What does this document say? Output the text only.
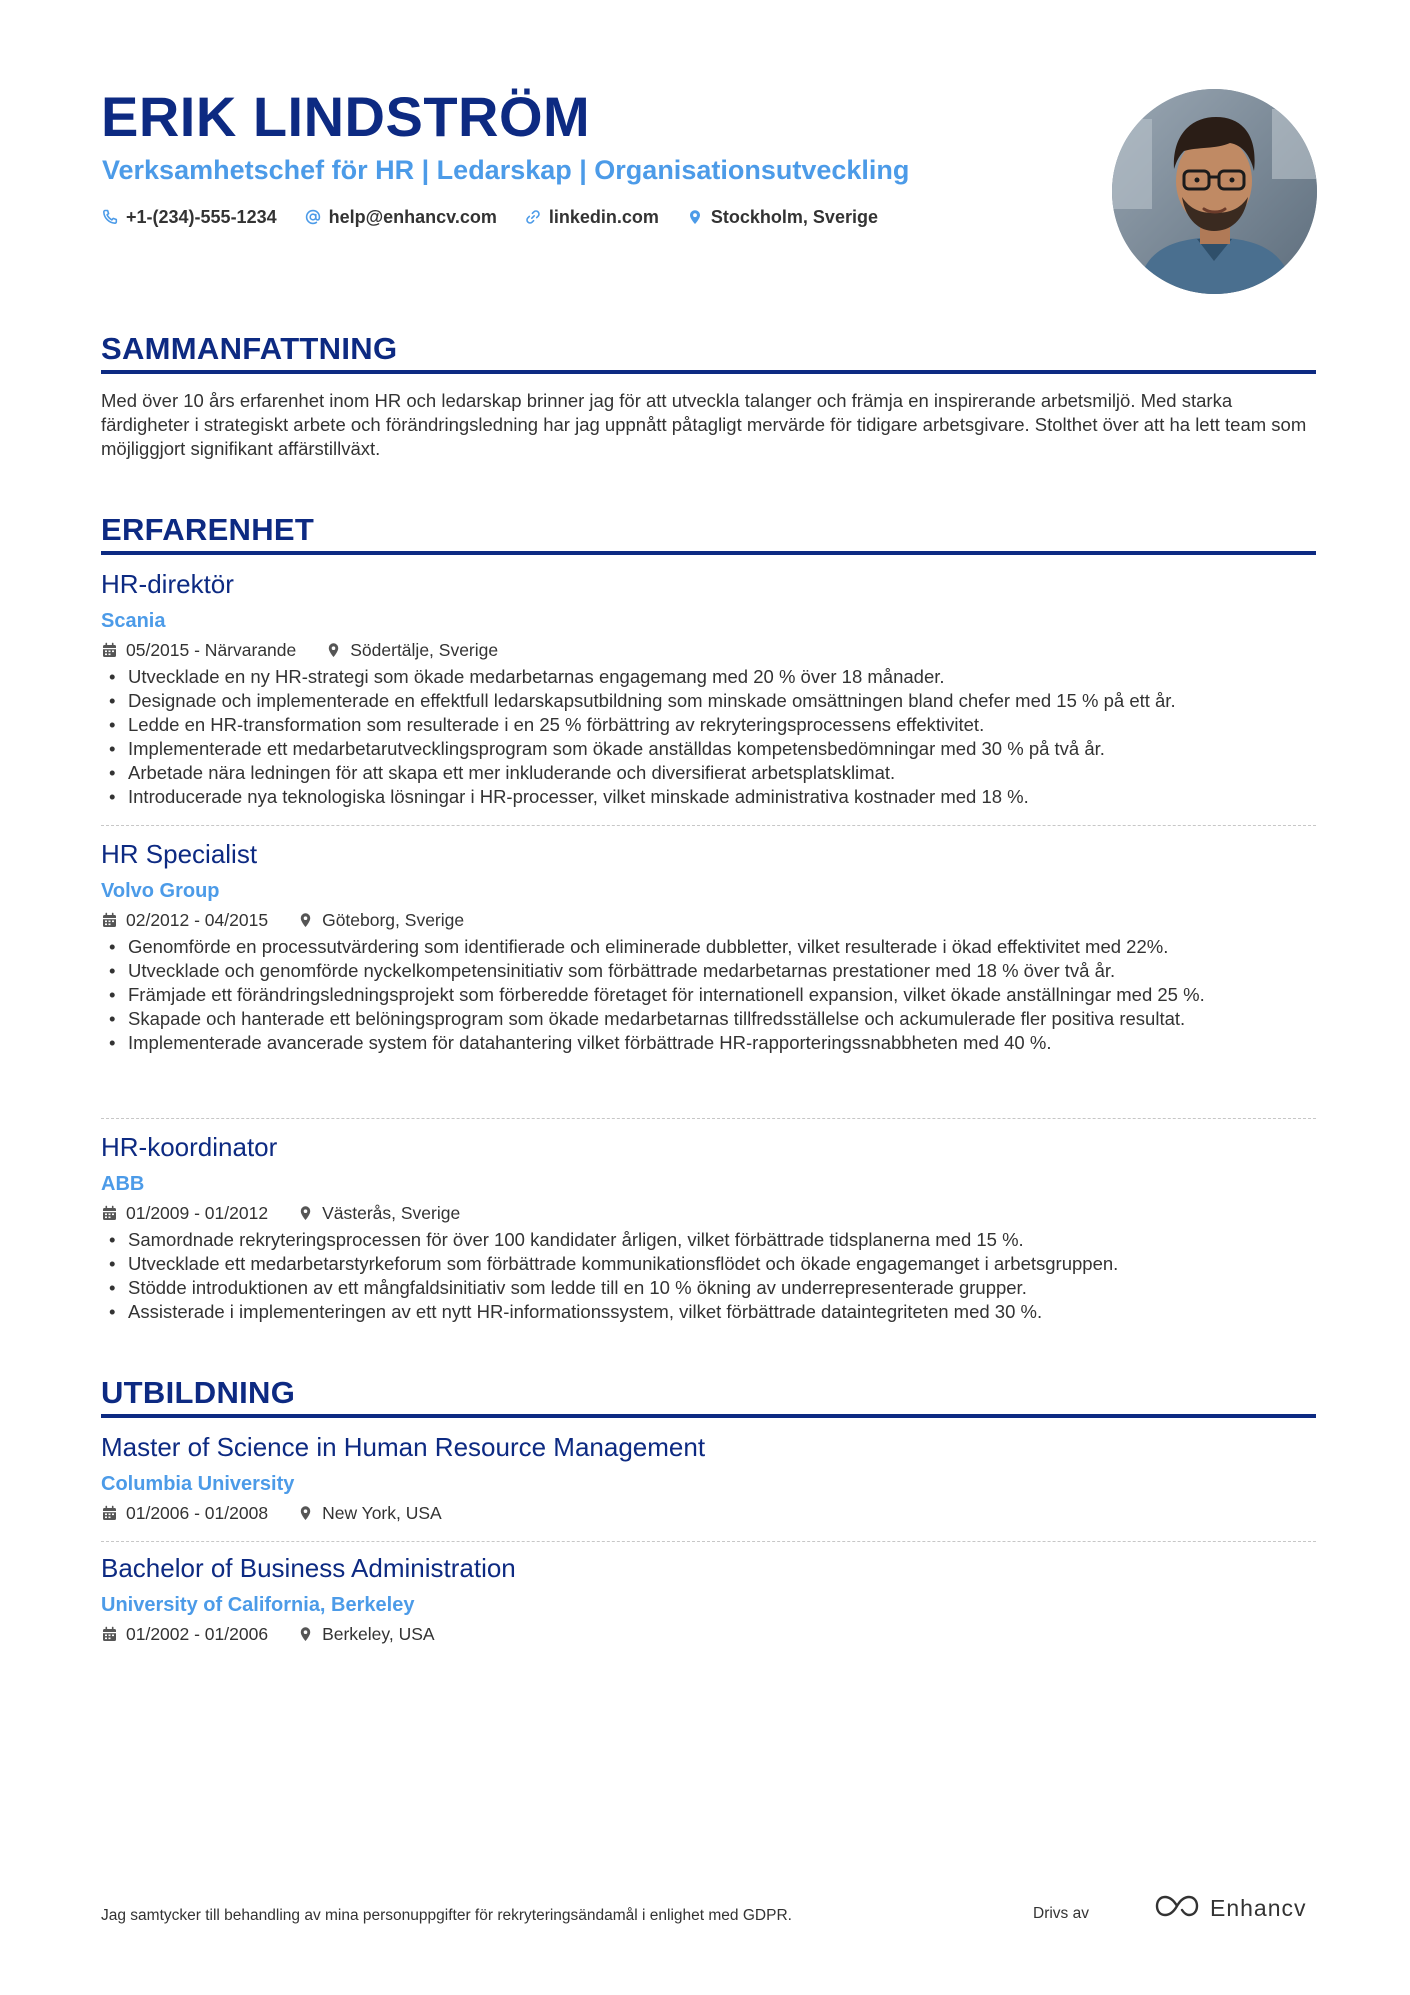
ERIK LINDSTRÖM

Verksamhetschef för HR | Ledarskap | Organisationsutveckling

+1-(234)-555-1234	help@enhancv.com	linkedin.com	Stockholm, Sverige
SAMMANFATTNING

Med över 10 års erfarenhet inom HR och ledarskap brinner jag för att utveckla talanger och främja en inspirerande arbetsmiljö. Med starka färdigheter i strategiskt arbete och förändringsledning har jag uppnått påtagligt mervärde för tidigare arbetsgivare. Stolthet över att ha lett team som möjliggjort signifikant affärstillväxt.

ERFARENHET
HR-direktör
Scania
05/2015 - Närvarande	Södertälje, Sverige
• Utvecklade en ny HR-strategi som ökade medarbetarnas engagemang med 20 % över 18 månader.
• Designade och implementerade en effektfull ledarskapsutbildning som minskade omsättningen bland chefer med 15 % på ett år.
• Ledde en HR-transformation som resulterade i en 25 % förbättring av rekryteringsprocessens effektivitet.
• Implementerade ett medarbetarutvecklingsprogram som ökade anställdas kompetensbedömningar med 30 % på två år.
• Arbetade nära ledningen för att skapa ett mer inkluderande och diversifierat arbetsplatsklimat.
• Introducerade nya teknologiska lösningar i HR-processer, vilket minskade administrativa kostnader med 18 %.
HR Specialist
Volvo Group
02/2012 - 04/2015	Göteborg, Sverige
• Genomförde en processutvärdering som identifierade och eliminerade dubbletter, vilket resulterade i ökad effektivitet med 22%.
• Utvecklade och genomförde nyckelkompetensinitiativ som förbättrade medarbetarnas prestationer med 18 % över två år.
• Främjade ett förändringsledningsprojekt som förberedde företaget för internationell expansion, vilket ökade anställningar med 25 %.
• Skapade och hanterade ett belöningsprogram som ökade medarbetarnas tillfredsställelse och ackumulerade fler positiva resultat.
• Implementerade avancerade system för datahantering vilket förbättrade HR-rapporteringssnabbheten med 40 %.
HR-koordinator
ABB
01/2009 - 01/2012	Västerås, Sverige
• Samordnade rekryteringsprocessen för över 100 kandidater årligen, vilket förbättrade tidsplanerna med 15 %.
• Utvecklade ett medarbetarstyrkeforum som förbättrade kommunikationsflödet och ökade engagemanget i arbetsgruppen.
• Stödde introduktionen av ett mångfaldsinitiativ som ledde till en 10 % ökning av underrepresenterade grupper.
• Assisterade i implementeringen av ett nytt HR-informationssystem, vilket förbättrade dataintegriteten med 30 %.
UTBILDNING
Master of Science in Human Resource Management
Columbia University
01/2006 - 01/2008	New York, USA
Bachelor of Business Administration
University of California, Berkeley
01/2002 - 01/2006	Berkeley, USA
Jag samtycker till behandling av mina personuppgifter för rekryteringsändamål i enlighet med GDPR.	Drivs av	Enhancv
